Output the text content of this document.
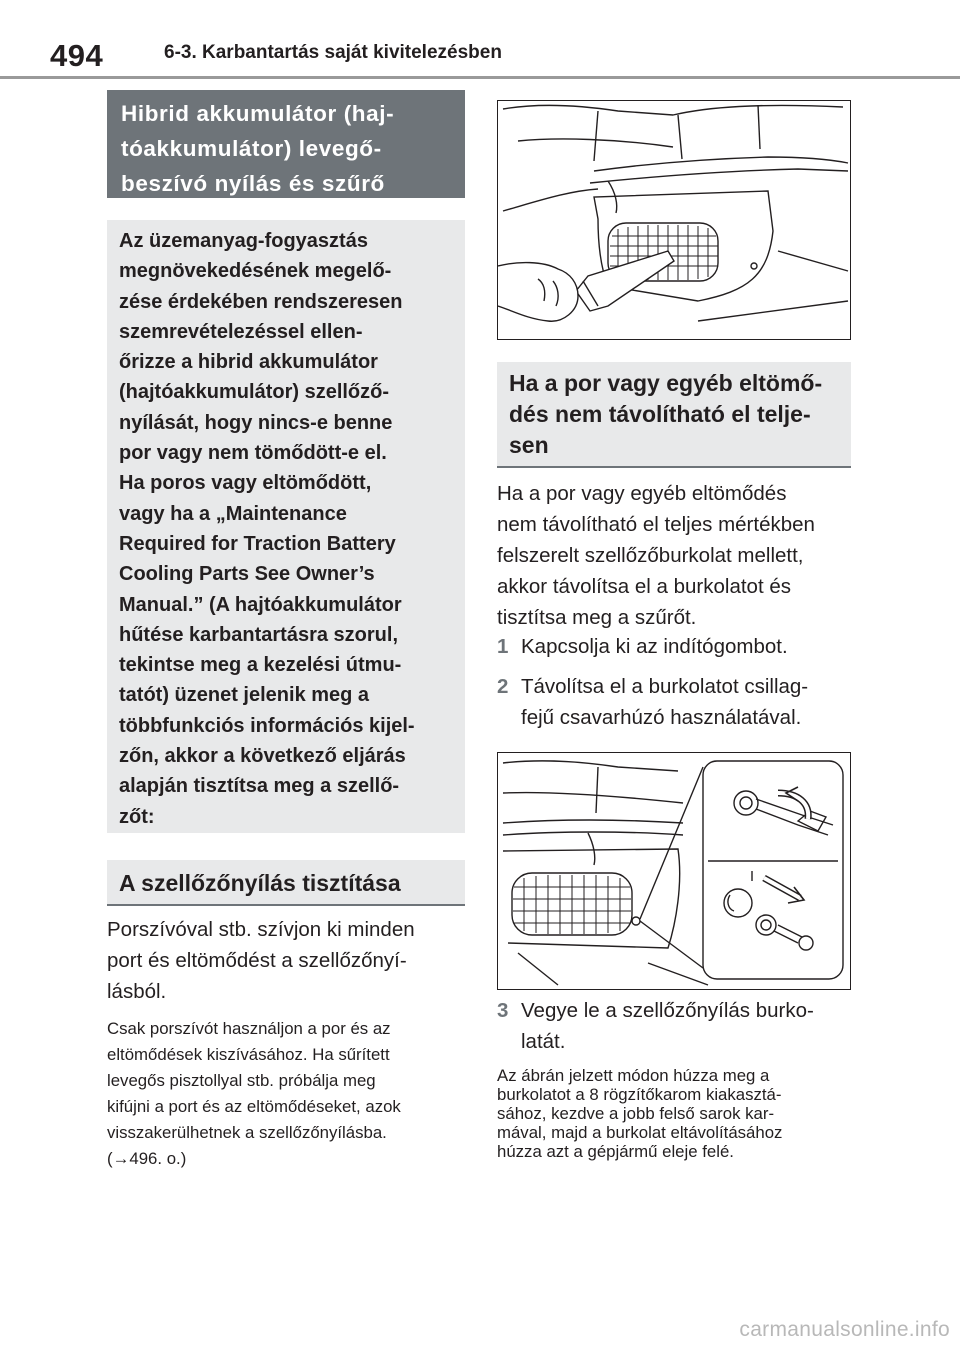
494	6-3. Karbantartás saját kivitelezésben
Hibrid akkumulátor (haj-
tóakkumulátor) levegő-
beszívó nyílás és szűrő
Az üzemanyag-fogyasztás
megnövekedésének megelő-
zése érdekében rendszeresen
szemrevételezéssel ellen-
őrizze a hibrid akkumulátor
(hajtóakkumulátor) szellőző-
nyílását, hogy nincs-e benne
por vagy nem tömődött-e el.
Ha poros vagy eltömődött,
vagy ha a „Maintenance
Required for Traction Battery
Cooling Parts See Owner’s
Manual.” (A hajtóakkumulátor
hűtése karbantartásra szorul,
tekintse meg a kezelési útmu-
tatót) üzenet jelenik meg a
többfunkciós információs kijel-
zőn, akkor a következő eljárás
alapján tisztítsa meg a szellő-
zőt:
A szellőzőnyílás tisztítása
Porszívóval stb. szívjon ki minden
port és eltömődést a szellőzőnyí-
lásból.
Csak porszívót használjon a por és az
eltömődések kiszívásához. Ha sűrített
levegős pisztollyal stb. próbálja meg
kifújni a port és az eltömődéseket, azok
visszakerülhetnek a szellőzőnyílásba.
(→496. o.)
Ha a por vagy egyéb eltömő-
dés nem távolítható el telje-
sen
Ha a por vagy egyéb eltömődés
nem távolítható el teljes mértékben
felszerelt szellőzőburkolat mellett,
akkor távolítsa el a burkolatot és
tisztítsa meg a szűrőt.
1 Kapcsolja ki az indítógombot.
2 Távolítsa el a burkolatot csillag-
fejű csavarhúzó használatával.
3 Vegye le a szellőzőnyílás burko-
latát.
Az ábrán jelzett módon húzza meg a
burkolatot a 8 rögzítőkarom kiakasztá-
sához, kezdve a jobb felső sarok kar-
mával, majd a burkolat eltávolításához
húzza azt a gépjármű eleje felé.
carmanualsonline.info
